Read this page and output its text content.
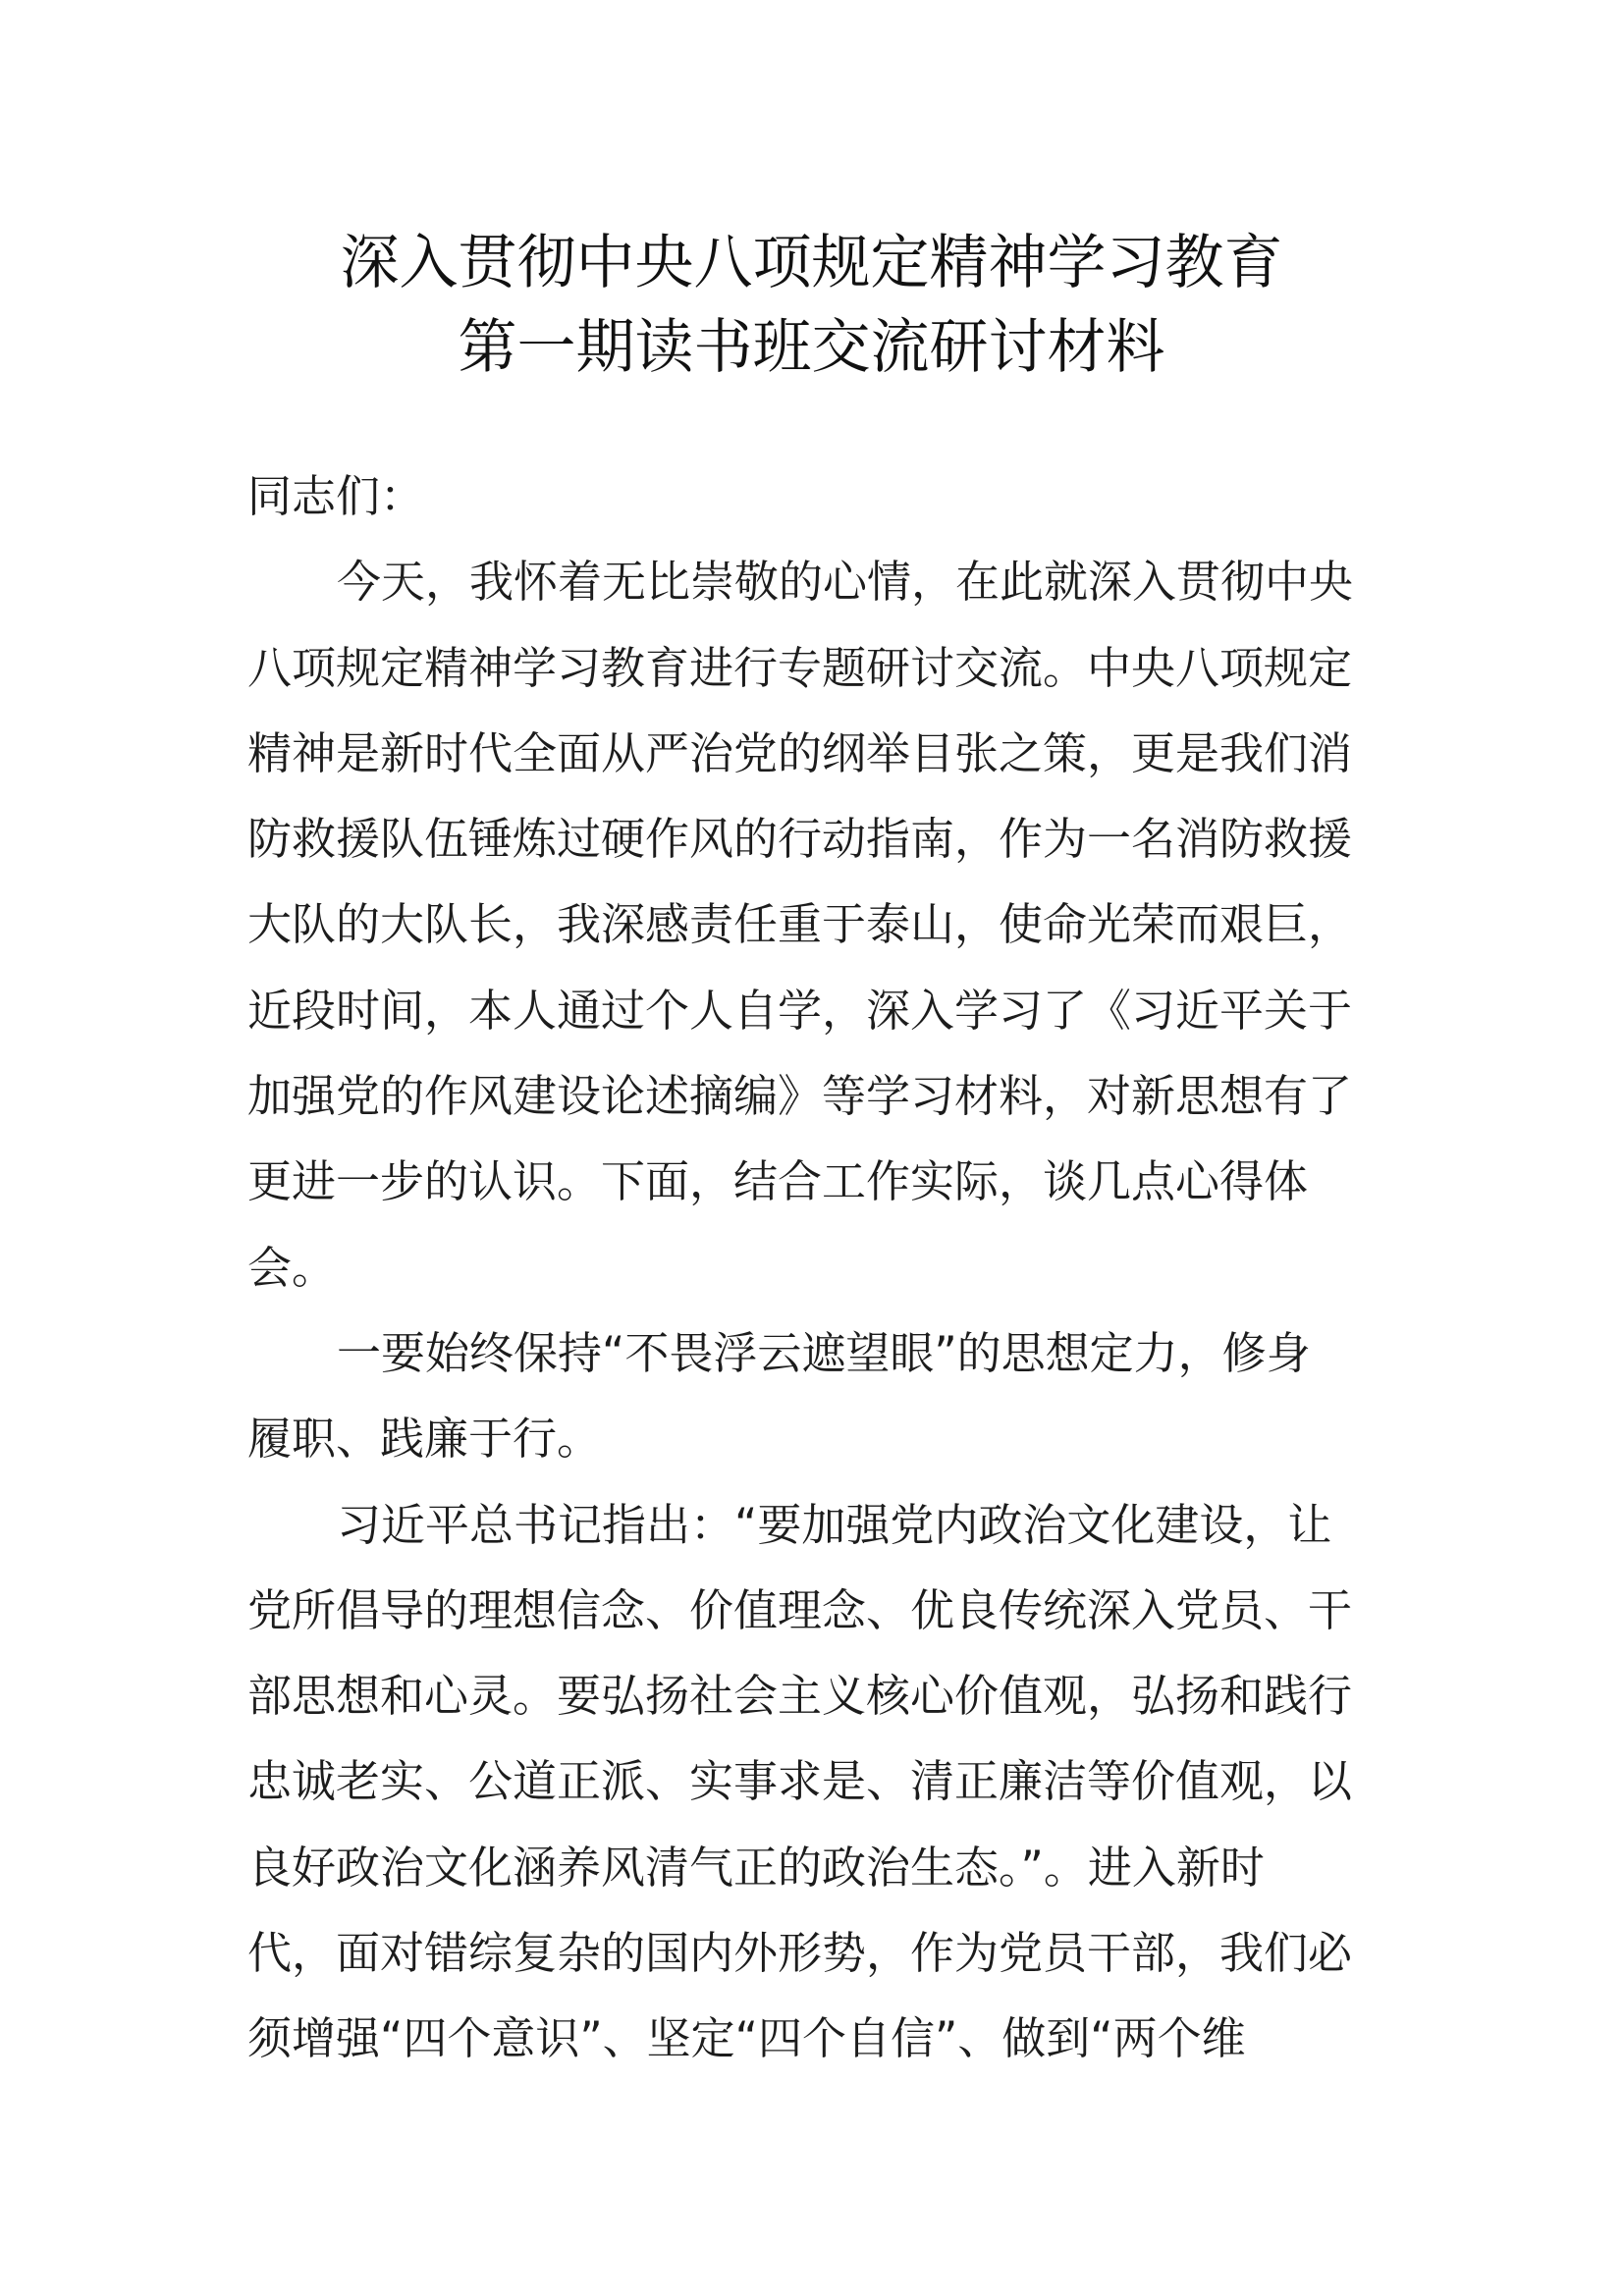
深入贯彻中央八项规定精神学习教育
第一期读书班交流研讨材料
同志们：
今天，我怀着无比崇敬的心情，在此就深入贯彻中央
八项规定精神学习教育进行专题研讨交流。中央八项规定
精神是新时代全面从严治党的纲举目张之策，更是我们消
防救援队伍锤炼过硬作风的行动指南，作为一名消防救援
大队的大队长，我深感责任重于泰山，使命光荣而艰巨，
近段时间，本人通过个人自学，深入学习了《习近平关于
加强党的作风建设论述摘编》等学习材料，对新思想有了
更进一步的认识。下面，结合工作实际，谈几点心得体
会。
一要始终保持“不畏浮云遮望眼”的思想定力，修身
履职、践廉于行。
习近平总书记指出：“要加强党内政治文化建设，让
党所倡导的理想信念、价值理念、优良传统深入党员、干
部思想和心灵。要弘扬社会主义核心价值观，弘扬和践行
忠诚老实、公道正派、实事求是、清正廉洁等价值观，以
良好政治文化涵养风清气正的政治生态。”。进入新时
代，面对错综复杂的国内外形势，作为党员干部，我们必
须增强“四个意识”、坚定“四个自信”、做到“两个维
